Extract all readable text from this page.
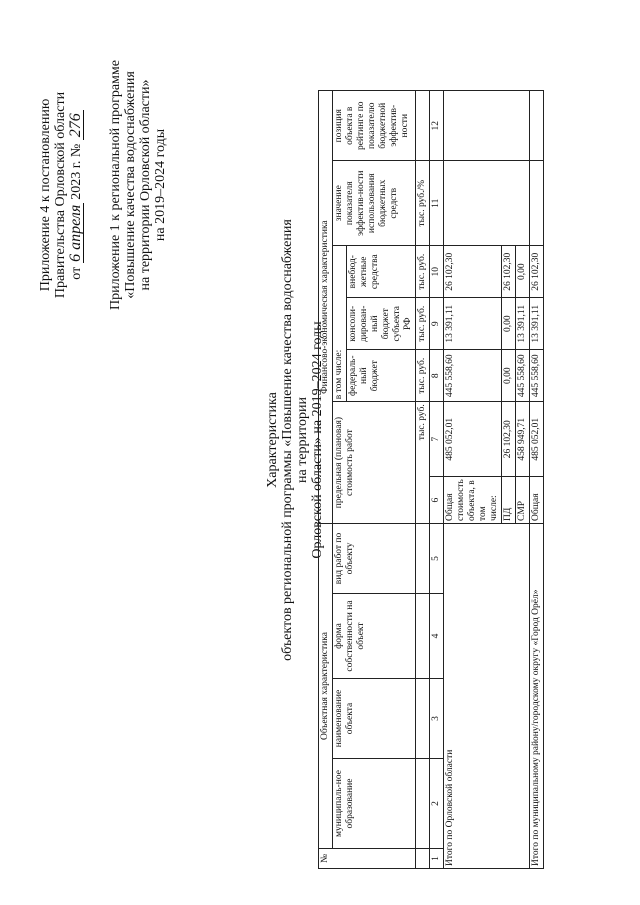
Приложение 4 к постановлению Правительства Орловской области от 6 апреля 2023 г. № 276 Приложение 1 к региональной программе «Повышение качества водоснабжения на территории Орловской области» на 2019–2024 годы
Характеристика объектов региональной программы «Повышение качества водоснабжения на территории Орловской области» на 2019–2024 годы
№	Объектная характеристика				Финансово-экономическая характеристика						
	муниципаль-ное образование	наименование объекта	форма собственности на объект	вид работ по объекту	предельная (плановая) стоимость работ		в том числе:			значение показателя эффектив-ности использования бюджетных средств	позиция объекта в рейтинге по показателю бюджетной эффектив-ности
							федераль-ный бюджет	консоли-дирован-ный бюджет субъекта РФ	внебюд-жетные средства		
					тыс. руб.		тыс. руб.	тыс. руб.	тыс. руб.	тыс. руб./%	
1	2	3	4	5	6	7	8	9	10	11	12
Итого по Орловской области					Общая стоимость объекта, в том числе:	485 052,01	445 558,60	13 391,11	26 102,30		
					ПД	26 102,30	0,00	0,00	26 102,30		
					СМР	458 949,71	445 558,60	13 391,11	0,00		
Итого по муниципальному району/городскому округу «Город Орёл»					Общая	485 052,01	445 558,60	13 391,11	26 102,30		
